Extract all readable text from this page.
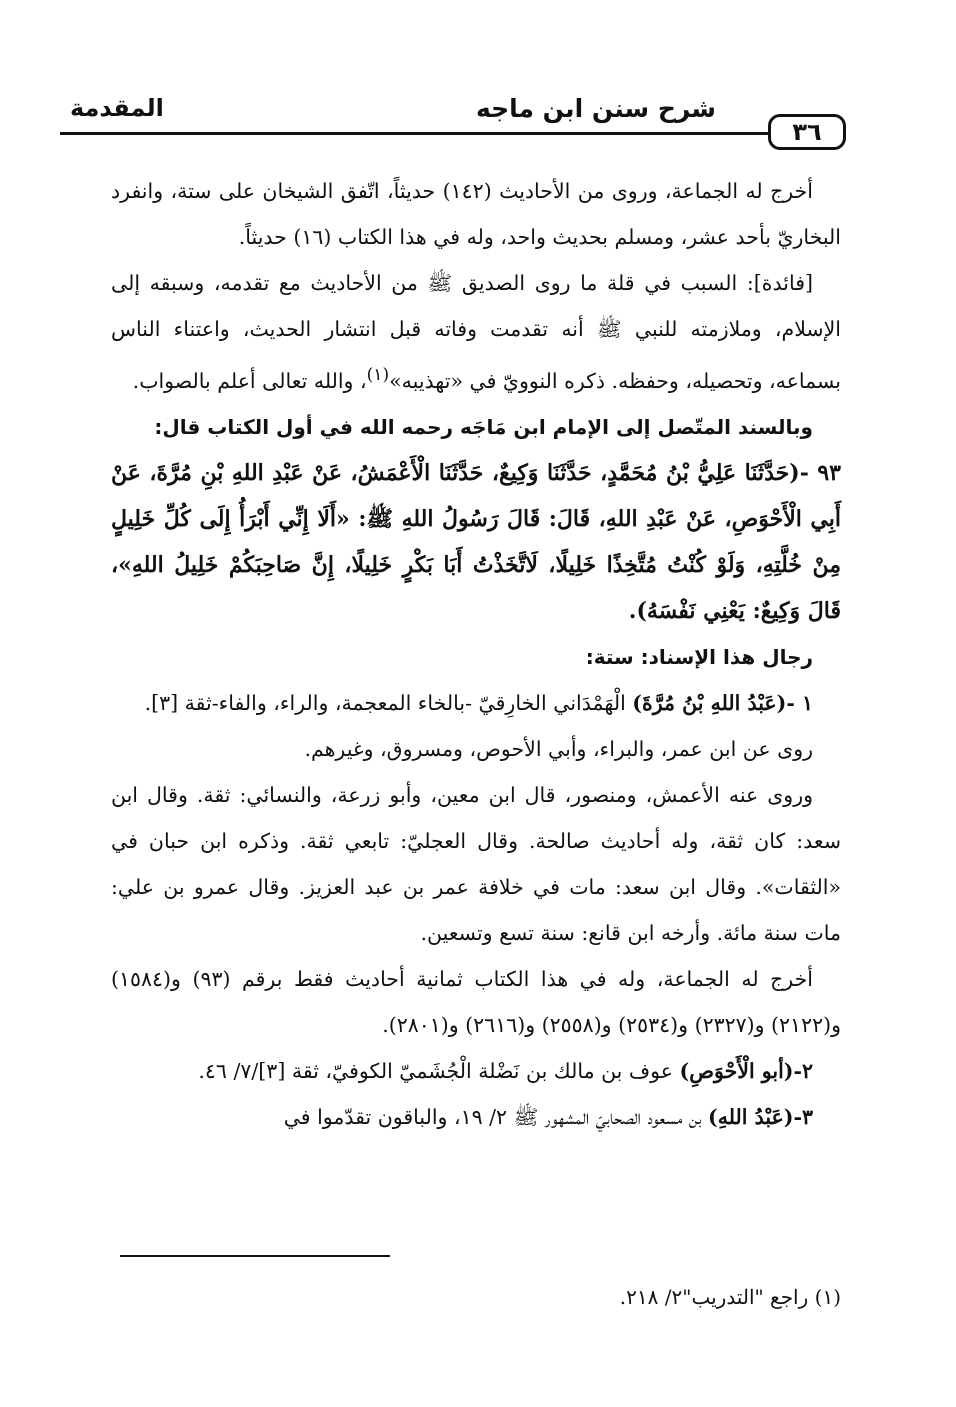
شرح سنن ابن ماجه
المقدمة
٣٦

أخرج له الجماعة، وروى من الأحاديث (١٤٢) حديثاً، اتّفق الشيخان على ستة، وانفرد البخاريّ بأحد عشر، ومسلم بحديث واحد، وله في هذا الكتاب (١٦) حديثاً.

[فائدة]: السبب في قلة ما روى الصديق ﷺ من الأحاديث مع تقدمه، وسبقه إلى الإسلام، وملازمته للنبي ﷺ أنه تقدمت وفاته قبل انتشار الحديث، واعتناء الناس بسماعه، وتحصيله، وحفظه. ذكره النوويّ في «تهذيبه»$^{(١)}$، والله تعالى أعلم بالصواب.

وبالسند المتّصل إلى الإمام ابن مَاجَه رحمه الله في أول الكتاب قال:

٩٣ -(حَدَّثَنَا عَلِيُّ بْنُ مُحَمَّدٍ، حَدَّثَنَا وَكِيعٌ، حَدَّثَنَا الْأَعْمَشُ، عَنْ عَبْدِ اللهِ بْنِ مُرَّةَ، عَنْ أَبِي الْأَحْوَصِ، عَنْ عَبْدِ اللهِ، قَالَ: قَالَ رَسُولُ اللهِ ﷺ: «أَلَا إِنِّي أَبْرَأُ إِلَى كُلِّ خَلِيلٍ مِنْ خُلَّتِهِ، وَلَوْ كُنْتُ مُتَّخِذًا خَلِيلًا، لَاتَّخَذْتُ أَبَا بَكْرٍ خَلِيلًا، إِنَّ صَاحِبَكُمْ خَلِيلُ اللهِ»، قَالَ وَكِيعٌ: يَعْنِي نَفْسَهُ).

رجال هذا الإسناد: ستة:

١ -(عَبْدُ اللهِ بْنُ مُرَّةَ) الْهَمْدَاني الخارِقيّ -بالخاء المعجمة، والراء، والفاء-ثقة [٣].

روى عن ابن عمر، والبراء، وأبي الأحوص، ومسروق، وغيرهم.

وروى عنه الأعمش، ومنصور، قال ابن معين، وأبو زرعة، والنسائي: ثقة. وقال ابن سعد: كان ثقة، وله أحاديث صالحة. وقال العجليّ: تابعي ثقة. وذكره ابن حبان في «الثقات». وقال ابن سعد: مات في خلافة عمر بن عبد العزيز. وقال عمرو بن علي: مات سنة مائة. وأرخه ابن قانع: سنة تسع وتسعين.

أخرج له الجماعة، وله في هذا الكتاب ثمانية أحاديث فقط برقم (٩٣) و(١٥٨٤) و(٢١٢٢) و(٢٣٢٧) و(٢٥٣٤) و(٢٥٥٨) و(٢٦١٦) و(٢٨٠١).

٢-(أبو الْأَحْوَصِ) عوف بن مالك بن نَضْلة الْجُشَميّ الكوفيّ، ثقة [٣]/٧/ ٤٦.

٣-(عَبْدُ اللهِ) بن مسعود الصحابيّ المشهور ﷺ ٢/ ١٩، والباقون تقدّموا في

(١) راجع "التدريب"٢/ ٢١٨.
